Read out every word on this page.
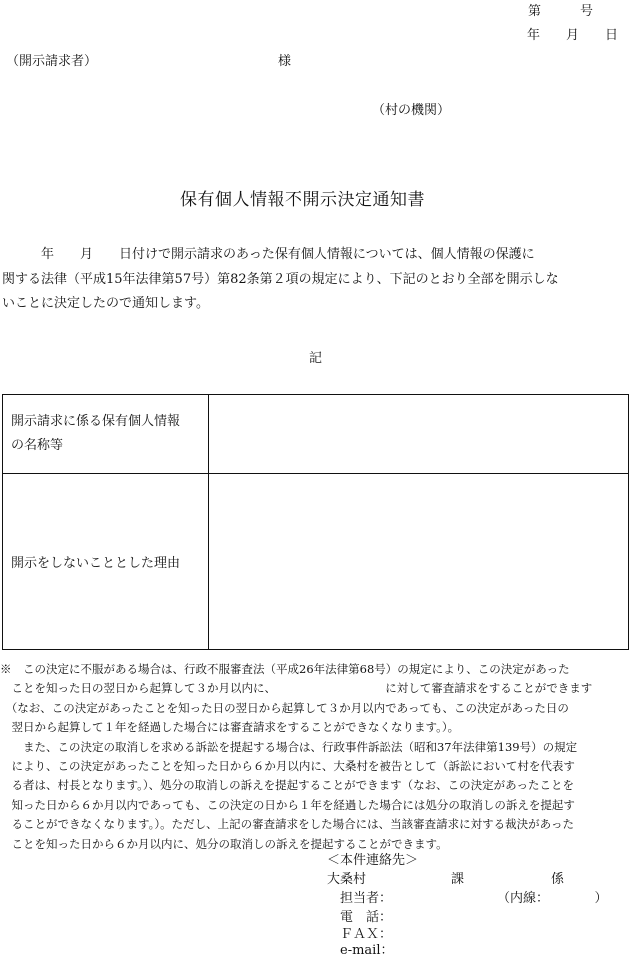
第　　　号
年　　月　　日
（開示請求者）	様
（村の機関）
保有個人情報不開示決定通知書
　　　年　　月　　日付けで開示請求のあった保有個人情報については、個人情報の保護に
関する法律（平成15年法律第57号）第82条第２項の規定により、下記のとおり全部を開示しな
いことに決定したので通知します。
記
開示請求に係る保有個人情報
の名称等	

開示をしないこととした理由	

※　この決定に不服がある場合は、行政不服審査法（平成26年法律第68号）の規定により、この決定があった

　ことを知った日の翌日から起算して３か月以内に、　　　　　　　　　　に対して審査請求をすることができます

　（なお、この決定があったことを知った日の翌日から起算して３か月以内であっても、この決定があった日の

　翌日から起算して１年を経過した場合には審査請求をすることができなくなります。）。

　　また、この決定の取消しを求める訴訟を提起する場合は、行政事件訴訟法（昭和37年法律第139号）の規定

　により、この決定があったことを知った日から６か月以内に、大桑村を被告として（訴訟において村を代表す

　る者は、村長となります。）、処分の取消しの訴えを提起することができます（なお、この決定があったことを

　知った日から６か月以内であっても、この決定の日から１年を経過した場合には処分の取消しの訴えを提起す

　ることができなくなります。）。ただし、上記の審査請求をした場合には、当該審査請求に対する裁決があった

　ことを知った日から６か月以内に、処分の取消しの訴えを提起することができます。

＜本件連絡先＞
大桑村	課	係
担当者：	（内線：　　　　）
電　話：
ＦＡＸ：
e-mail：
